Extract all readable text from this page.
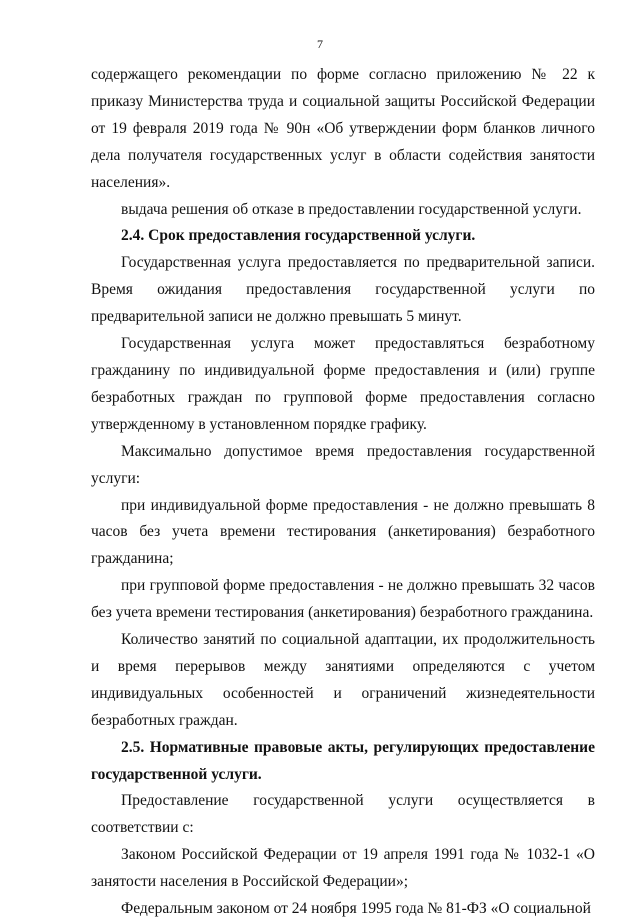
7

содержащего рекомендации по форме согласно приложению № 22 к приказу Министерства труда и социальной защиты Российской Федерации от 19 февраля 2019 года № 90н «Об утверждении форм бланков личного дела получателя государственных услуг в области содействия занятости населения».

выдача решения об отказе в предоставлении государственной услуги.

2.4. Срок предоставления государственной услуги.

Государственная услуга предоставляется по предварительной записи. Время ожидания предоставления государственной услуги по предварительной записи не должно превышать 5 минут.

Государственная услуга может предоставляться безработному гражданину по индивидуальной форме предоставления и (или) группе безработных граждан по групповой форме предоставления согласно утвержденному в установленном порядке графику.

Максимально допустимое время предоставления государственной услуги:

при индивидуальной форме предоставления - не должно превышать 8 часов без учета времени тестирования (анкетирования) безработного гражданина;

при групповой форме предоставления - не должно превышать 32 часов без учета времени тестирования (анкетирования) безработного гражданина.

Количество занятий по социальной адаптации, их продолжительность и время перерывов между занятиями определяются с учетом индивидуальных особенностей и ограничений жизнедеятельности безработных граждан.

2.5. Нормативные правовые акты, регулирующих предоставление государственной услуги.

Предоставление государственной услуги осуществляется в соответствии с:

Законом Российской Федерации от 19 апреля 1991 года № 1032-1 «О занятости населения в Российской Федерации»;

Федеральным законом от 24 ноября 1995 года № 81-ФЗ «О социальной
